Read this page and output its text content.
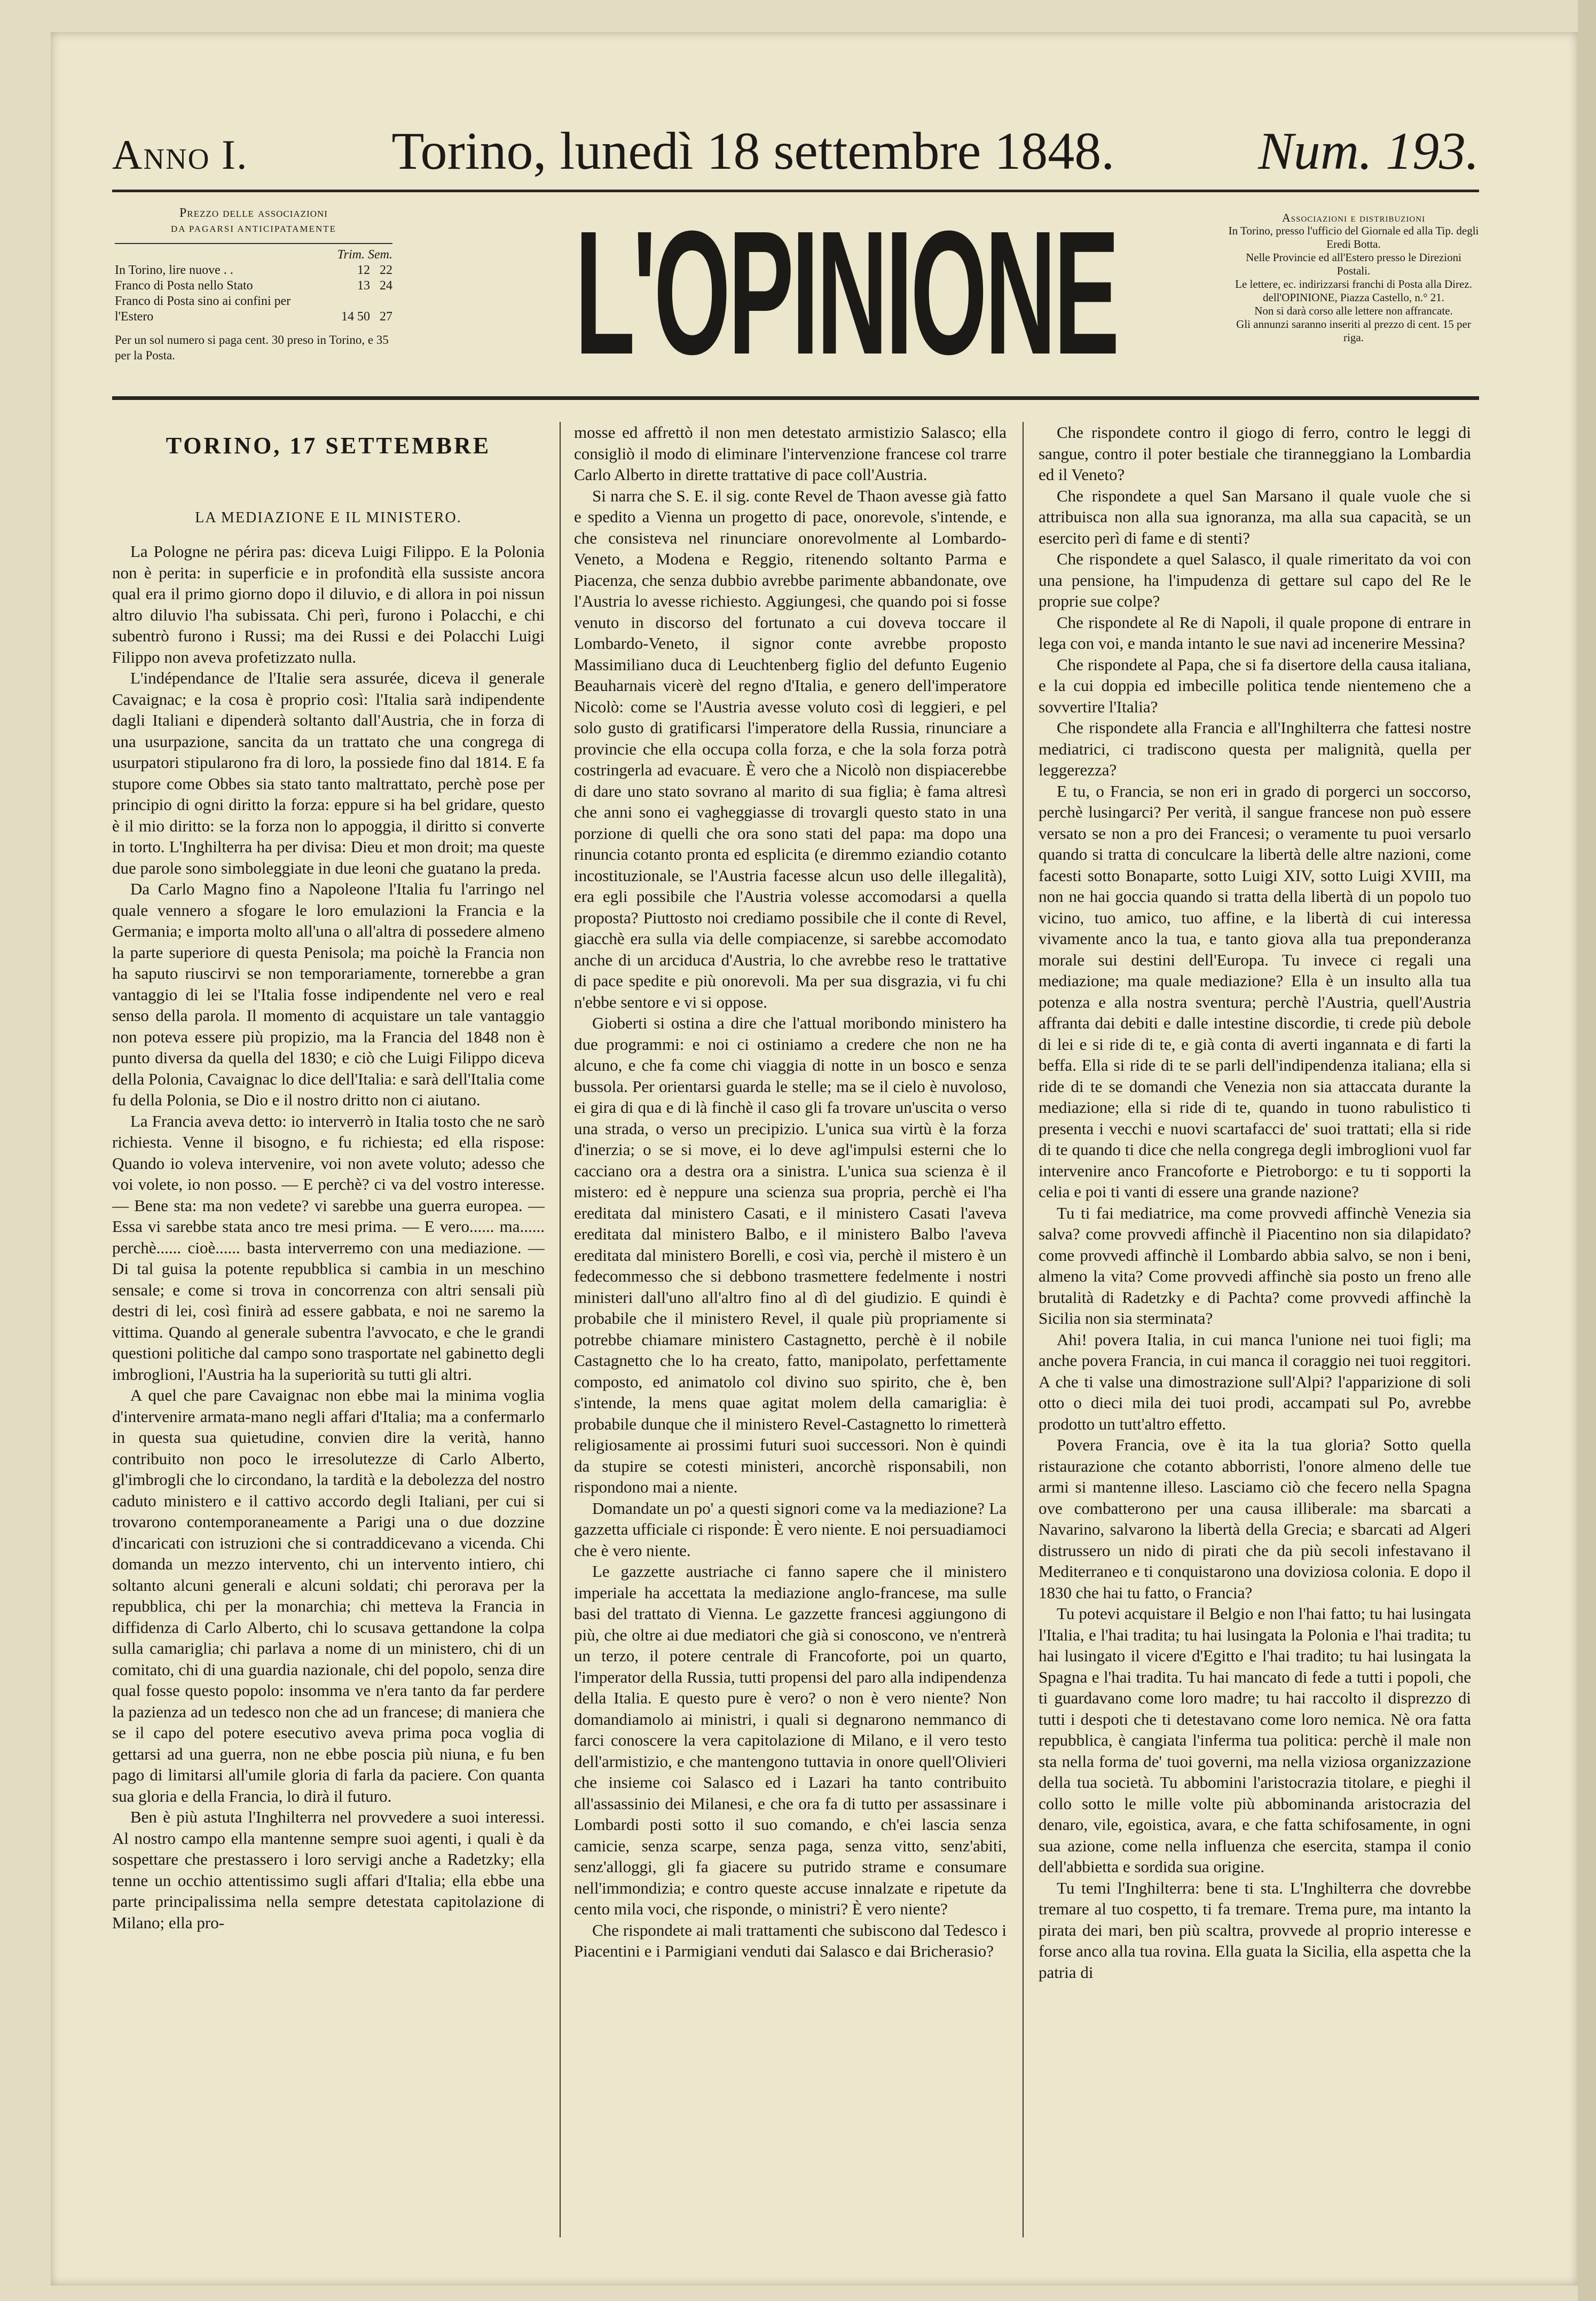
Anno I.	Torino, lunedì 18 settembre 1848.	Num. 193.
Prezzo delle associazioni
DA PAGARSI ANTICIPATAMENTE
Trim. Sem.
In Torino, lire nuove . .	12 22
Franco di Posta nello Stato	13 24
Franco di Posta sino ai confini per l'Estero	14 50 27
Per un sol numero si paga cent. 30 preso in Torino, e 35 per la Posta.	L'OPINIONE	Associazioni e distribuzioni
In Torino, presso l'ufficio del Giornale ed alla Tip. degli Eredi Botta.
Nelle Provincie ed all'Estero presso le Direzioni Postali.
Le lettere, ec. indirizzarsi franchi di Posta alla Direz. dell'OPINIONE, Piazza Castello, n.° 21.
Non si darà corso alle lettere non affrancate.
Gli annunzi saranno inseriti al prezzo di cent. 15 per riga.
TORINO, 17 SETTEMBRE
LA MEDIAZIONE E IL MINISTERO.

La Pologne ne périra pas: diceva Luigi Filippo. E la Polonia non è perita: in superficie e in profondità ella sussiste ancora qual era il primo giorno dopo il diluvio, e di allora in poi nissun altro diluvio l'ha subissata. Chi perì, furono i Polacchi, e chi subentrò furono i Russi; ma dei Russi e dei Polacchi Luigi Filippo non aveva profetizzato nulla.

L'indépendance de l'Italie sera assurée, diceva il generale Cavaignac; e la cosa è proprio così: l'Italia sarà indipendente dagli Italiani e dipenderà soltanto dall'Austria, che in forza di una usurpazione, sancita da un trattato che una congrega di usurpatori stipularono fra di loro, la possiede fino dal 1814. E fa stupore come Obbes sia stato tanto maltrattato, perchè pose per principio di ogni diritto la forza: eppure si ha bel gridare, questo è il mio diritto: se la forza non lo appoggia, il diritto si converte in torto. L'Inghilterra ha per divisa: Dieu et mon droit; ma queste due parole sono simboleggiate in due leoni che guatano la preda.

Da Carlo Magno fino a Napoleone l'Italia fu l'arringo nel quale vennero a sfogare le loro emulazioni la Francia e la Germania; e importa molto all'una o all'altra di possedere almeno la parte superiore di questa Penisola; ma poichè la Francia non ha saputo riuscirvi se non temporariamente, tornerebbe a gran vantaggio di lei se l'Italia fosse indipendente nel vero e real senso della parola. Il momento di acquistare un tale vantaggio non poteva essere più propizio, ma la Francia del 1848 non è punto diversa da quella del 1830; e ciò che Luigi Filippo diceva della Polonia, Cavaignac lo dice dell'Italia: e sarà dell'Italia come fu della Polonia, se Dio e il nostro dritto non ci aiutano.

La Francia aveva detto: io interverrò in Italia tosto che ne sarò richiesta. Venne il bisogno, e fu richiesta; ed ella rispose: Quando io voleva intervenire, voi non avete voluto; adesso che voi volete, io non posso. — E perchè? ci va del vostro interesse. — Bene sta: ma non vedete? vi sarebbe una guerra europea. — Essa vi sarebbe stata anco tre mesi prima. — E vero...... ma...... perchè...... cioè...... basta interverremo con una mediazione. — Di tal guisa la potente repubblica si cambia in un meschino sensale; e come si trova in concorrenza con altri sensali più destri di lei, così finirà ad essere gabbata, e noi ne saremo la vittima. Quando al generale subentra l'avvocato, e che le grandi questioni politiche dal campo sono trasportate nel gabinetto degli imbroglioni, l'Austria ha la superiorità su tutti gli altri.

A quel che pare Cavaignac non ebbe mai la minima voglia d'intervenire armata-mano negli affari d'Italia; ma a confermarlo in questa sua quietudine, convien dire la verità, hanno contribuito non poco le irresolutezze di Carlo Alberto, gl'imbrogli che lo circondano, la tardità e la debolezza del nostro caduto ministero e il cattivo accordo degli Italiani, per cui si trovarono contemporaneamente a Parigi una o due dozzine d'incaricati con istruzioni che si contraddicevano a vicenda. Chi domanda un mezzo intervento, chi un intervento intiero, chi soltanto alcuni generali e alcuni soldati; chi perorava per la repubblica, chi per la monarchia; chi metteva la Francia in diffidenza di Carlo Alberto, chi lo scusava gettandone la colpa sulla camariglia; chi parlava a nome di un ministero, chi di un comitato, chi di una guardia nazionale, chi del popolo, senza dire qual fosse questo popolo: insomma ve n'era tanto da far perdere la pazienza ad un tedesco non che ad un francese; di maniera che se il capo del potere esecutivo aveva prima poca voglia di gettarsi ad una guerra, non ne ebbe poscia più niuna, e fu ben pago di limitarsi all'umile gloria di farla da paciere. Con quanta sua gloria e della Francia, lo dirà il futuro.

Ben è più astuta l'Inghilterra nel provvedere a suoi interessi. Al nostro campo ella mantenne sempre suoi agenti, i quali è da sospettare che prestassero i loro servigi anche a Radetzky; ella tenne un occhio attentissimo sugli affari d'Italia; ella ebbe una parte principalissima nella sempre detestata capitolazione di Milano; ella pro-

mosse ed affrettò il non men detestato armistizio Salasco; ella consigliò il modo di eliminare l'intervenzione francese col trarre Carlo Alberto in dirette trattative di pace coll'Austria.

Si narra che S. E. il sig. conte Revel de Thaon avesse già fatto e spedito a Vienna un progetto di pace, onorevole, s'intende, e che consisteva nel rinunciare onorevolmente al Lombardo-Veneto, a Modena e Reggio, ritenendo soltanto Parma e Piacenza, che senza dubbio avrebbe parimente abbandonate, ove l'Austria lo avesse richiesto. Aggiungesi, che quando poi si fosse venuto in discorso del fortunato a cui doveva toccare il Lombardo-Veneto, il signor conte avrebbe proposto Massimiliano duca di Leuchtenberg figlio del defunto Eugenio Beauharnais vicerè del regno d'Italia, e genero dell'imperatore Nicolò: come se l'Austria avesse voluto così di leggieri, e pel solo gusto di gratificarsi l'imperatore della Russia, rinunciare a provincie che ella occupa colla forza, e che la sola forza potrà costringerla ad evacuare. È vero che a Nicolò non dispiacerebbe di dare uno stato sovrano al marito di sua figlia; è fama altresì che anni sono ei vagheggiasse di trovargli questo stato in una porzione di quelli che ora sono stati del papa: ma dopo una rinuncia cotanto pronta ed esplicita (e diremmo eziandio cotanto incostituzionale, se l'Austria facesse alcun uso delle illegalità), era egli possibile che l'Austria volesse accomodarsi a quella proposta? Piuttosto noi crediamo possibile che il conte di Revel, giacchè era sulla via delle compiacenze, si sarebbe accomodato anche di un arciduca d'Austria, lo che avrebbe reso le trattative di pace spedite e più onorevoli. Ma per sua disgrazia, vi fu chi n'ebbe sentore e vi si oppose.

Gioberti si ostina a dire che l'attual moribondo ministero ha due programmi: e noi ci ostiniamo a credere che non ne ha alcuno, e che fa come chi viaggia di notte in un bosco e senza bussola. Per orientarsi guarda le stelle; ma se il cielo è nuvoloso, ei gira di qua e di là finchè il caso gli fa trovare un'uscita o verso una strada, o verso un precipizio. L'unica sua virtù è la forza d'inerzia; o se si move, ei lo deve agl'impulsi esterni che lo cacciano ora a destra ora a sinistra. L'unica sua scienza è il mistero: ed è neppure una scienza sua propria, perchè ei l'ha ereditata dal ministero Casati, e il ministero Casati l'aveva ereditata dal ministero Balbo, e il ministero Balbo l'aveva ereditata dal ministero Borelli, e così via, perchè il mistero è un fedecommesso che si debbono trasmettere fedelmente i nostri ministeri dall'uno all'altro fino al dì del giudizio. E quindi è probabile che il ministero Revel, il quale più propriamente si potrebbe chiamare ministero Castagnetto, perchè è il nobile Castagnetto che lo ha creato, fatto, manipolato, perfettamente composto, ed animatolo col divino suo spirito, che è, ben s'intende, la mens quae agitat molem della camariglia: è probabile dunque che il ministero Revel-Castagnetto lo rimetterà religiosamente ai prossimi futuri suoi successori. Non è quindi da stupire se cotesti ministeri, ancorchè risponsabili, non rispondono mai a niente.

Domandate un po' a questi signori come va la mediazione? La gazzetta ufficiale ci risponde: È vero niente. E noi persuadiamoci che è vero niente.

Le gazzette austriache ci fanno sapere che il ministero imperiale ha accettata la mediazione anglo-francese, ma sulle basi del trattato di Vienna. Le gazzette francesi aggiungono di più, che oltre ai due mediatori che già si conoscono, ve n'entrerà un terzo, il potere centrale di Francoforte, poi un quarto, l'imperator della Russia, tutti propensi del paro alla indipendenza della Italia. E questo pure è vero? o non è vero niente? Non domandiamolo ai ministri, i quali si degnarono nemmanco di farci conoscere la vera capitolazione di Milano, e il vero testo dell'armistizio, e che mantengono tuttavia in onore quell'Olivieri che insieme coi Salasco ed i Lazari ha tanto contribuito all'assassinio dei Milanesi, e che ora fa di tutto per assassinare i Lombardi posti sotto il suo comando, e ch'ei lascia senza camicie, senza scarpe, senza paga, senza vitto, senz'abiti, senz'alloggi, gli fa giacere su putrido strame e consumare nell'immondizia; e contro queste accuse innalzate e ripetute da cento mila voci, che risponde, o ministri? È vero niente?

Che rispondete ai mali trattamenti che subiscono dal Tedesco i Piacentini e i Parmigiani venduti dai Salasco e dai Bricherasio?

Che rispondete contro il giogo di ferro, contro le leggi di sangue, contro il poter bestiale che tiranneggiano la Lombardia ed il Veneto?

Che rispondete a quel San Marsano il quale vuole che si attribuisca non alla sua ignoranza, ma alla sua capacità, se un esercito perì di fame e di stenti?

Che rispondete a quel Salasco, il quale rimeritato da voi con una pensione, ha l'impudenza di gettare sul capo del Re le proprie sue colpe?

Che rispondete al Re di Napoli, il quale propone di entrare in lega con voi, e manda intanto le sue navi ad incenerire Messina?

Che rispondete al Papa, che si fa disertore della causa italiana, e la cui doppia ed imbecille politica tende nientemeno che a sovvertire l'Italia?

Che rispondete alla Francia e all'Inghilterra che fattesi nostre mediatrici, ci tradiscono questa per malignità, quella per leggerezza?

E tu, o Francia, se non eri in grado di porgerci un soccorso, perchè lusingarci? Per verità, il sangue francese non può essere versato se non a pro dei Francesi; o veramente tu puoi versarlo quando si tratta di conculcare la libertà delle altre nazioni, come facesti sotto Bonaparte, sotto Luigi XIV, sotto Luigi XVIII, ma non ne hai goccia quando si tratta della libertà di un popolo tuo vicino, tuo amico, tuo affine, e la libertà di cui interessa vivamente anco la tua, e tanto giova alla tua preponderanza morale sui destini dell'Europa. Tu invece ci regali una mediazione; ma quale mediazione? Ella è un insulto alla tua potenza e alla nostra sventura; perchè l'Austria, quell'Austria affranta dai debiti e dalle intestine discordie, ti crede più debole di lei e si ride di te, e già conta di averti ingannata e di farti la beffa. Ella si ride di te se parli dell'indipendenza italiana; ella si ride di te se domandi che Venezia non sia attaccata durante la mediazione; ella si ride di te, quando in tuono rabulistico ti presenta i vecchi e nuovi scartafacci de' suoi trattati; ella si ride di te quando ti dice che nella congrega degli imbroglioni vuol far intervenire anco Francoforte e Pietroborgo: e tu ti sopporti la celia e poi ti vanti di essere una grande nazione?

Tu ti fai mediatrice, ma come provvedi affinchè Venezia sia salva? come provvedi affinchè il Piacentino non sia dilapidato? come provvedi affinchè il Lombardo abbia salvo, se non i beni, almeno la vita? Come provvedi affinchè sia posto un freno alle brutalità di Radetzky e di Pachta? come provvedi affinchè la Sicilia non sia sterminata?

Ahi! povera Italia, in cui manca l'unione nei tuoi figli; ma anche povera Francia, in cui manca il coraggio nei tuoi reggitori. A che ti valse una dimostrazione sull'Alpi? l'apparizione di soli otto o dieci mila dei tuoi prodi, accampati sul Po, avrebbe prodotto un tutt'altro effetto.

Povera Francia, ove è ita la tua gloria? Sotto quella ristaurazione che cotanto abborristi, l'onore almeno delle tue armi si mantenne illeso. Lasciamo ciò che fecero nella Spagna ove combatterono per una causa illiberale: ma sbarcati a Navarino, salvarono la libertà della Grecia; e sbarcati ad Algeri distrussero un nido di pirati che da più secoli infestavano il Mediterraneo e ti conquistarono una doviziosa colonia. E dopo il 1830 che hai tu fatto, o Francia?

Tu potevi acquistare il Belgio e non l'hai fatto; tu hai lusingata l'Italia, e l'hai tradita; tu hai lusingata la Polonia e l'hai tradita; tu hai lusingato il vicere d'Egitto e l'hai tradito; tu hai lusingata la Spagna e l'hai tradita. Tu hai mancato di fede a tutti i popoli, che ti guardavano come loro madre; tu hai raccolto il disprezzo di tutti i despoti che ti detestavano come loro nemica. Nè ora fatta repubblica, è cangiata l'inferma tua politica: perchè il male non sta nella forma de' tuoi governi, ma nella viziosa organizzazione della tua società. Tu abbomini l'aristocrazia titolare, e pieghi il collo sotto le mille volte più abbominanda aristocrazia del denaro, vile, egoistica, avara, e che fatta schifosamente, in ogni sua azione, come nella influenza che esercita, stampa il conio dell'abbietta e sordida sua origine.

Tu temi l'Inghilterra: bene ti sta. L'Inghilterra che dovrebbe tremare al tuo cospetto, ti fa tremare. Trema pure, ma intanto la pirata dei mari, ben più scaltra, provvede al proprio interesse e forse anco alla tua rovina. Ella guata la Sicilia, ella aspetta che la patria di
